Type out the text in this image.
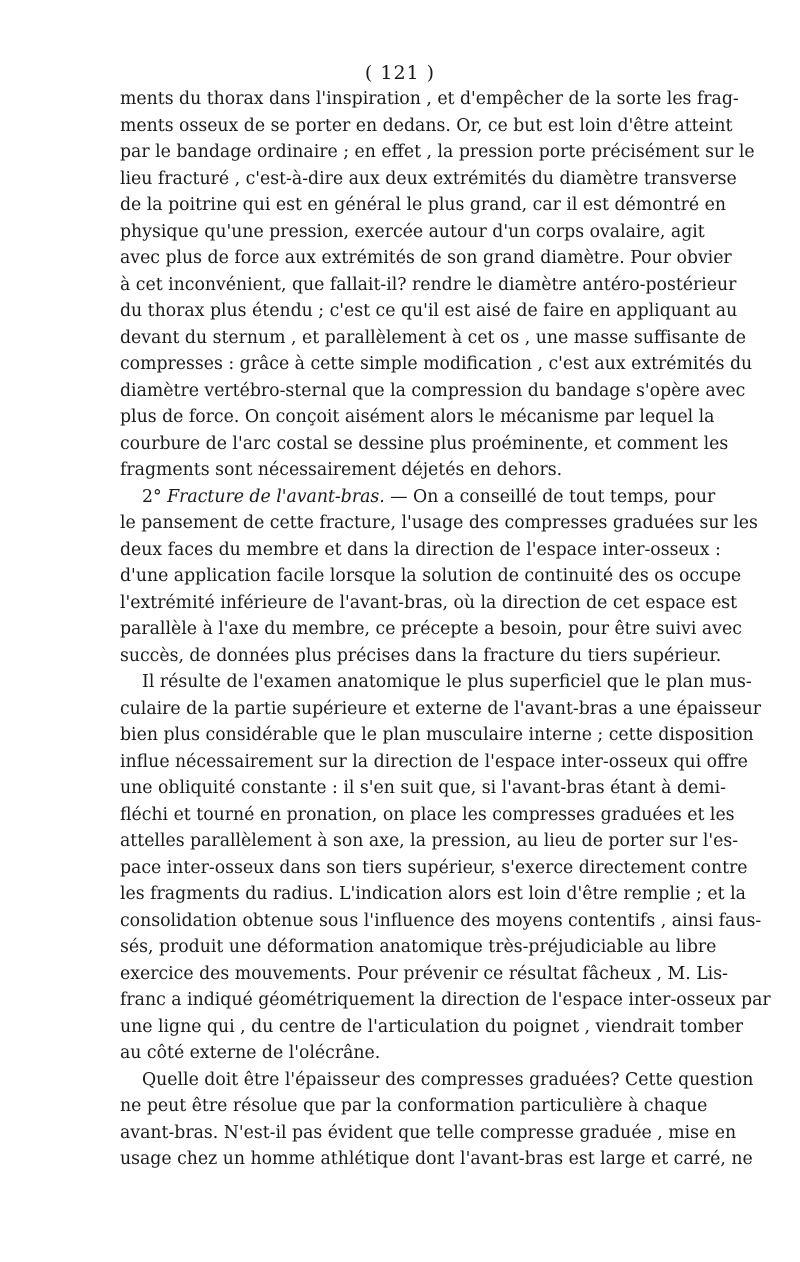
( 121 )
ments du thorax dans l'inspiration , et d'empêcher de la sorte les frag-
ments osseux de se porter en dedans. Or, ce but est loin d'être atteint
par le bandage ordinaire ; en effet , la pression porte précisément sur le
lieu fracturé , c'est-à-dire aux deux extrémités du diamètre transverse
de la poitrine qui est en général le plus grand, car il est démontré en
physique qu'une pression, exercée autour d'un corps ovalaire, agit
avec plus de force aux extrémités de son grand diamètre. Pour obvier
à cet inconvénient, que fallait-il? rendre le diamètre antéro-postérieur
du thorax plus étendu ; c'est ce qu'il est aisé de faire en appliquant au
devant du sternum , et parallèlement à cet os , une masse suffisante de
compresses : grâce à cette simple modification , c'est aux extrémités du
diamètre vertébro-sternal que la compression du bandage s'opère avec
plus de force. On conçoit aisément alors le mécanisme par lequel la
courbure de l'arc costal se dessine plus proéminente, et comment les
fragments sont nécessairement déjetés en dehors.
2° Fracture de l'avant-bras. — On a conseillé de tout temps, pour
le pansement de cette fracture, l'usage des compresses graduées sur les
deux faces du membre et dans la direction de l'espace inter-osseux :
d'une application facile lorsque la solution de continuité des os occupe
l'extrémité inférieure de l'avant-bras, où la direction de cet espace est
parallèle à l'axe du membre, ce précepte a besoin, pour être suivi avec
succès, de données plus précises dans la fracture du tiers supérieur.
Il résulte de l'examen anatomique le plus superficiel que le plan mus-
culaire de la partie supérieure et externe de l'avant-bras a une épaisseur
bien plus considérable que le plan musculaire interne ; cette disposition
influe nécessairement sur la direction de l'espace inter-osseux qui offre
une obliquité constante : il s'en suit que, si l'avant-bras étant à demi-
fléchi et tourné en pronation, on place les compresses graduées et les
attelles parallèlement à son axe, la pression, au lieu de porter sur l'es-
pace inter-osseux dans son tiers supérieur, s'exerce directement contre
les fragments du radius. L'indication alors est loin d'être remplie ; et la
consolidation obtenue sous l'influence des moyens contentifs , ainsi faus-
sés, produit une déformation anatomique très-préjudiciable au libre
exercice des mouvements. Pour prévenir ce résultat fâcheux , M. Lis-
franc a indiqué géométriquement la direction de l'espace inter-osseux par
une ligne qui , du centre de l'articulation du poignet , viendrait tomber
au côté externe de l'olécrâne.
Quelle doit être l'épaisseur des compresses graduées? Cette question
ne peut être résolue que par la conformation particulière à chaque
avant-bras. N'est-il pas évident que telle compresse graduée , mise en
usage chez un homme athlétique dont l'avant-bras est large et carré, ne
